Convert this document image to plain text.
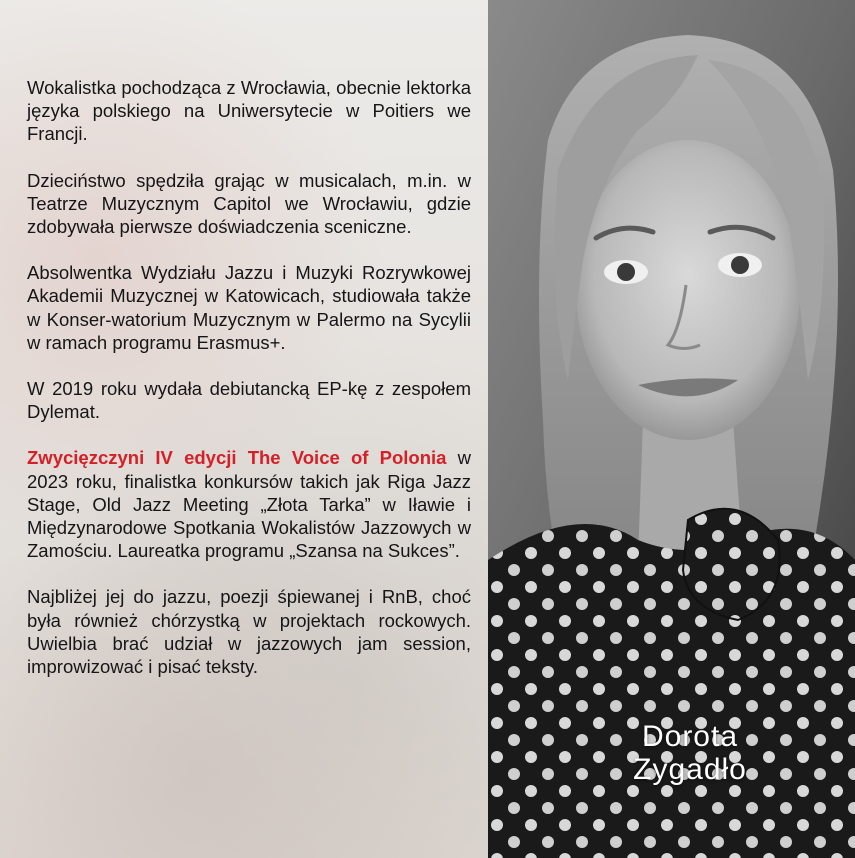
Wokalistka pochodząca z Wrocławia, obecnie lektorka języka polskiego na Uniwersytecie w Poitiers we Francji.

Dzieciństwo spędziła grając w musicalach, m.in. w Teatrze Muzycznym Capitol we Wrocławiu, gdzie zdobywała pierwsze doświadczenia sceniczne.

Absolwentka Wydziału Jazzu i Muzyki Rozrywkowej Akademii Muzycznej w Katowicach, studiowała także w Konser-watorium Muzycznym w Palermo na Sycylii w ramach programu Erasmus+.

W 2019 roku wydała debiutancką EP-kę z zespołem Dylemat.

Zwycięzczyni IV edycji The Voice of Polonia w 2023 roku, finalistka konkursów takich jak Riga Jazz Stage, Old Jazz Meeting „Złota Tarka” w Iławie i Międzynarodowe Spotkania Wokalistów Jazzowych w Zamościu. Laureatka programu „Szansa na Sukces”.

Najbliżej jej do jazzu, poezji śpiewanej i RnB, choć była również chórzystką w projektach rockowych. Uwielbia brać udział w jazzowych jam session, improwizować i pisać teksty.

Dorota
Zygadło
